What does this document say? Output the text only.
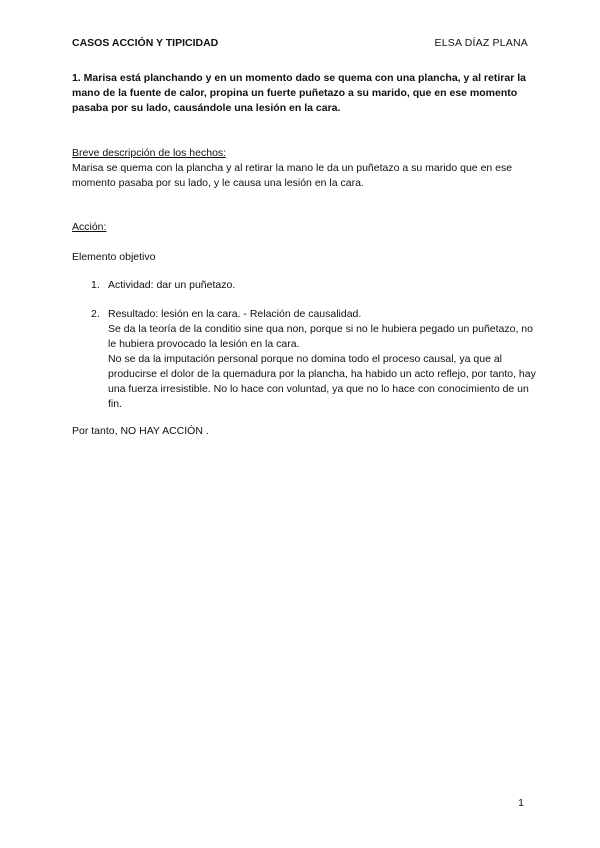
CASOS ACCIÓN Y TIPICIDAD	ELSA DÍAZ PLANA
1. Marisa está planchando y en un momento dado se quema con una plancha, y al retirar la mano de la fuente de calor, propina un fuerte puñetazo a su marido, que en ese momento pasaba por su lado, causándole una lesión en la cara.
Breve descripción de los hechos:
Marisa se quema con la plancha y al retirar la mano le da un puñetazo a su marido que en ese momento pasaba por su lado, y le causa una lesión en la cara.
Acción:
Elemento objetivo
1. Actividad: dar un puñetazo.
2. Resultado: lesión en la cara. - Relación de causalidad.
Se da la teoría de la conditio sine qua non, porque si no le hubiera pegado un puñetazo, no le hubiera provocado la lesión en la cara.
No se da la imputación personal porque no domina todo el proceso causal, ya que al producirse el dolor de la quemadura por la plancha, ha habido un acto reflejo, por tanto, hay una fuerza irresistible. No lo hace con voluntad, ya que no lo hace con conocimiento de un fin.
Por tanto, NO HAY ACCIÓN .
1
